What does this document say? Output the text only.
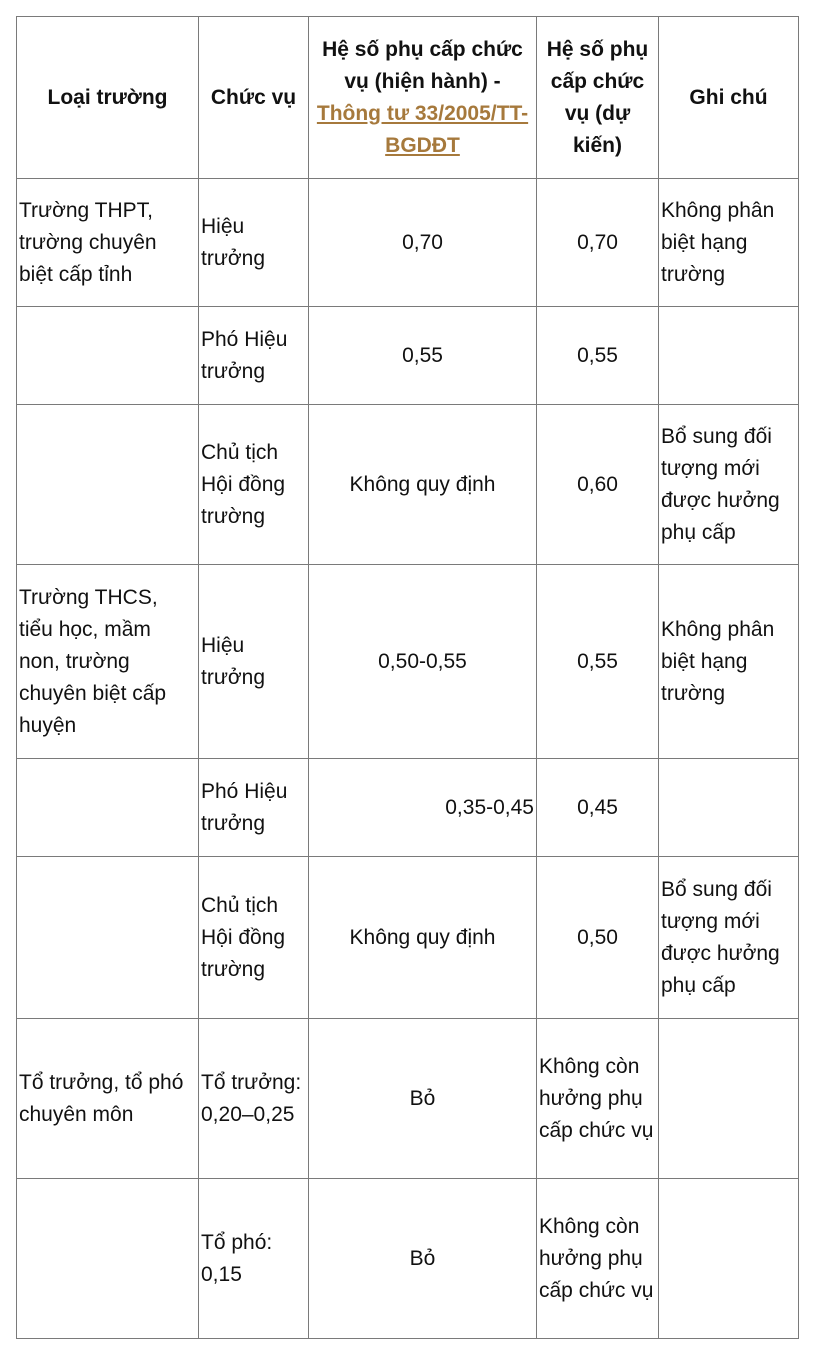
Loại trường	Chức vụ	Hệ số phụ cấp chức vụ (hiện hành) - Thông tư 33/2005/TT-BGDĐT	Hệ số phụ cấp chức vụ (dự kiến)	Ghi chú
Trường THPT, trường chuyên biệt cấp tỉnh	Hiệu trưởng	0,70	0,70	Không phân biệt hạng trường
	Phó Hiệu trưởng	0,55	0,55	
	Chủ tịch Hội đồng trường	Không quy định	0,60	Bổ sung đối tượng mới được hưởng phụ cấp
Trường THCS, tiểu học, mầm non, trường chuyên biệt cấp huyện	Hiệu trưởng	0,50-0,55	0,55	Không phân biệt hạng trường
	Phó Hiệu trưởng	0,35-0,45	0,45	
	Chủ tịch Hội đồng trường	Không quy định	0,50	Bổ sung đối tượng mới được hưởng phụ cấp
Tổ trưởng, tổ phó chuyên môn	Tổ trưởng: 0,20–0,25	Bỏ	Không còn hưởng phụ cấp chức vụ	
	Tổ phó: 0,15	Bỏ	Không còn hưởng phụ cấp chức vụ	
